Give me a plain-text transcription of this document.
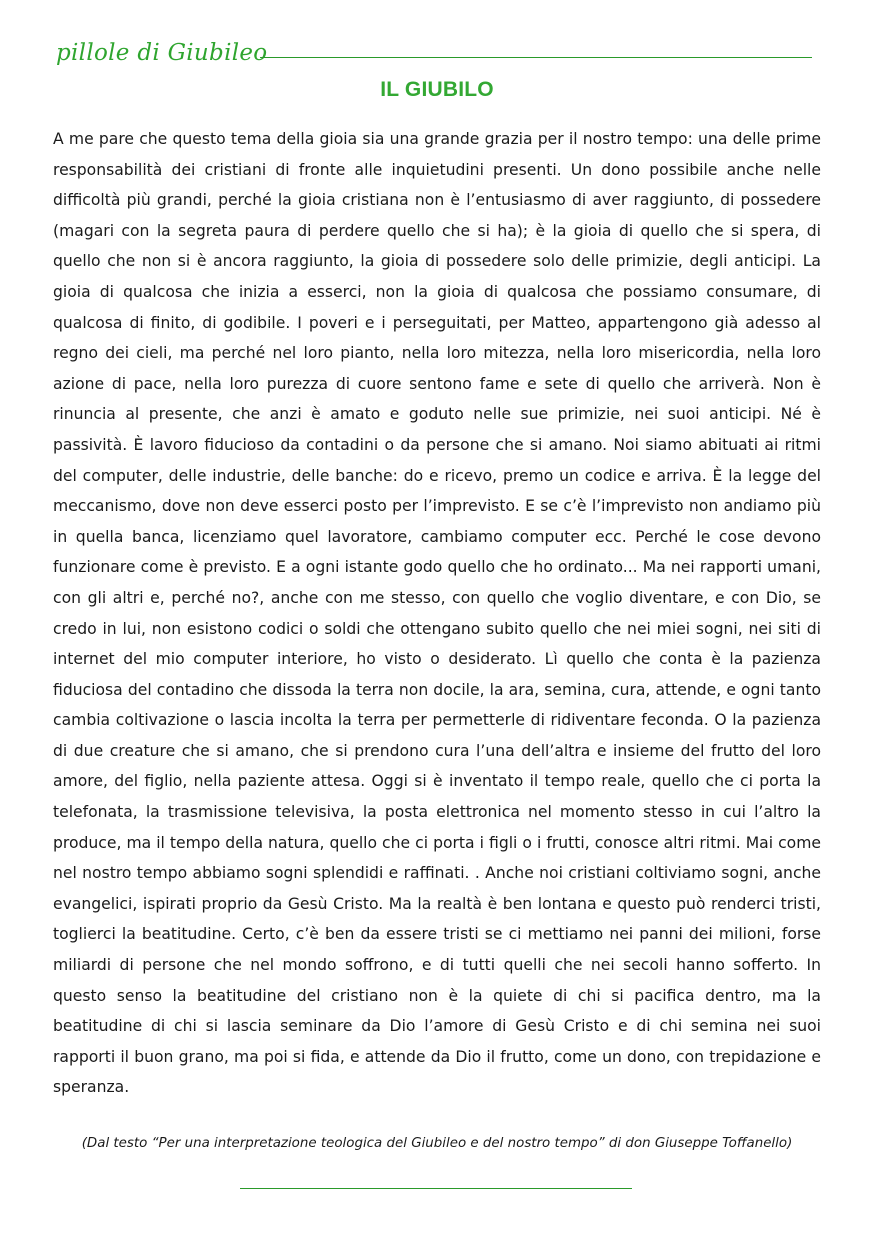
pillole di Giubileo
IL GIUBILO

A me pare che questo tema della gioia sia una grande grazia per il nostro tempo: una delle prime responsabilità dei cristiani di fronte alle inquietudini presenti. Un dono possibile anche nelle difficoltà più grandi, perché la gioia cristiana non è l’entusiasmo di aver raggiunto, di possedere (magari con la segreta paura di perdere quello che si ha); è la gioia di quello che si spera, di quello che non si è ancora raggiunto, la gioia di possedere solo delle primizie, degli anticipi. La gioia di qualcosa che inizia a esserci, non la gioia di qualcosa che possiamo consumare, di qualcosa di finito, di godibile. I poveri e i perseguitati, per Matteo, appartengono già adesso al regno dei cieli, ma perché nel loro pianto, nella loro mitezza, nella loro misericordia, nella loro azione di pace, nella loro purezza di cuore sentono fame e sete di quello che arriverà. Non è rinuncia al presente, che anzi è amato e goduto nelle sue primizie, nei suoi anticipi. Né è passività. È lavoro fiducioso da contadini o da persone che si amano. Noi siamo abituati ai ritmi del computer, delle industrie, delle banche: do e ricevo, premo un codice e arriva. È la legge del meccanismo, dove non deve esserci posto per l’imprevisto. E se c’è l’imprevisto non andiamo più in quella banca, licenziamo quel lavoratore, cambiamo computer ecc. Perché le cose devono funzionare come è previsto. E a ogni istante godo quello che ho ordinato... Ma nei rapporti umani, con gli altri e, perché no?, anche con me stesso, con quello che voglio diventare, e con Dio, se credo in lui, non esistono codici o soldi che ottengano subito quello che nei miei sogni, nei siti di internet del mio computer interiore, ho visto o desiderato. Lì quello che conta è la pazienza fiduciosa del contadino che dissoda la terra non docile, la ara, semina, cura, attende, e ogni tanto cambia coltivazione o lascia incolta la terra per permetterle di ridiventare feconda. O la pazienza di due creature che si amano, che si prendono cura l’una dell’altra e insieme del frutto del loro amore, del figlio, nella paziente attesa. Oggi si è inventato il tempo reale, quello che ci porta la telefonata, la trasmissione televisiva, la posta elettronica nel momento stesso in cui l’altro la produce, ma il tempo della natura, quello che ci porta i figli o i frutti, conosce altri ritmi. Mai come nel nostro tempo abbiamo sogni splendidi e raffinati. . Anche noi cristiani coltiviamo sogni, anche evangelici, ispirati proprio da Gesù Cristo. Ma la realtà è ben lontana e questo può renderci tristi, toglierci la beatitudine. Certo, c’è ben da essere tristi se ci mettiamo nei panni dei milioni, forse miliardi di persone che nel mondo soffrono, e di tutti quelli che nei secoli hanno sofferto. In questo senso la beatitudine del cristiano non è la quiete di chi si pacifica dentro, ma la beatitudine di chi si lascia seminare da Dio l’amore di Gesù Cristo e di chi semina nei suoi rapporti il buon grano, ma poi si fida, e attende da Dio il frutto, come un dono, con trepidazione e speranza.

(Dal testo “Per una interpretazione teologica del Giubileo e del nostro tempo” di don Giuseppe Toffanello)
